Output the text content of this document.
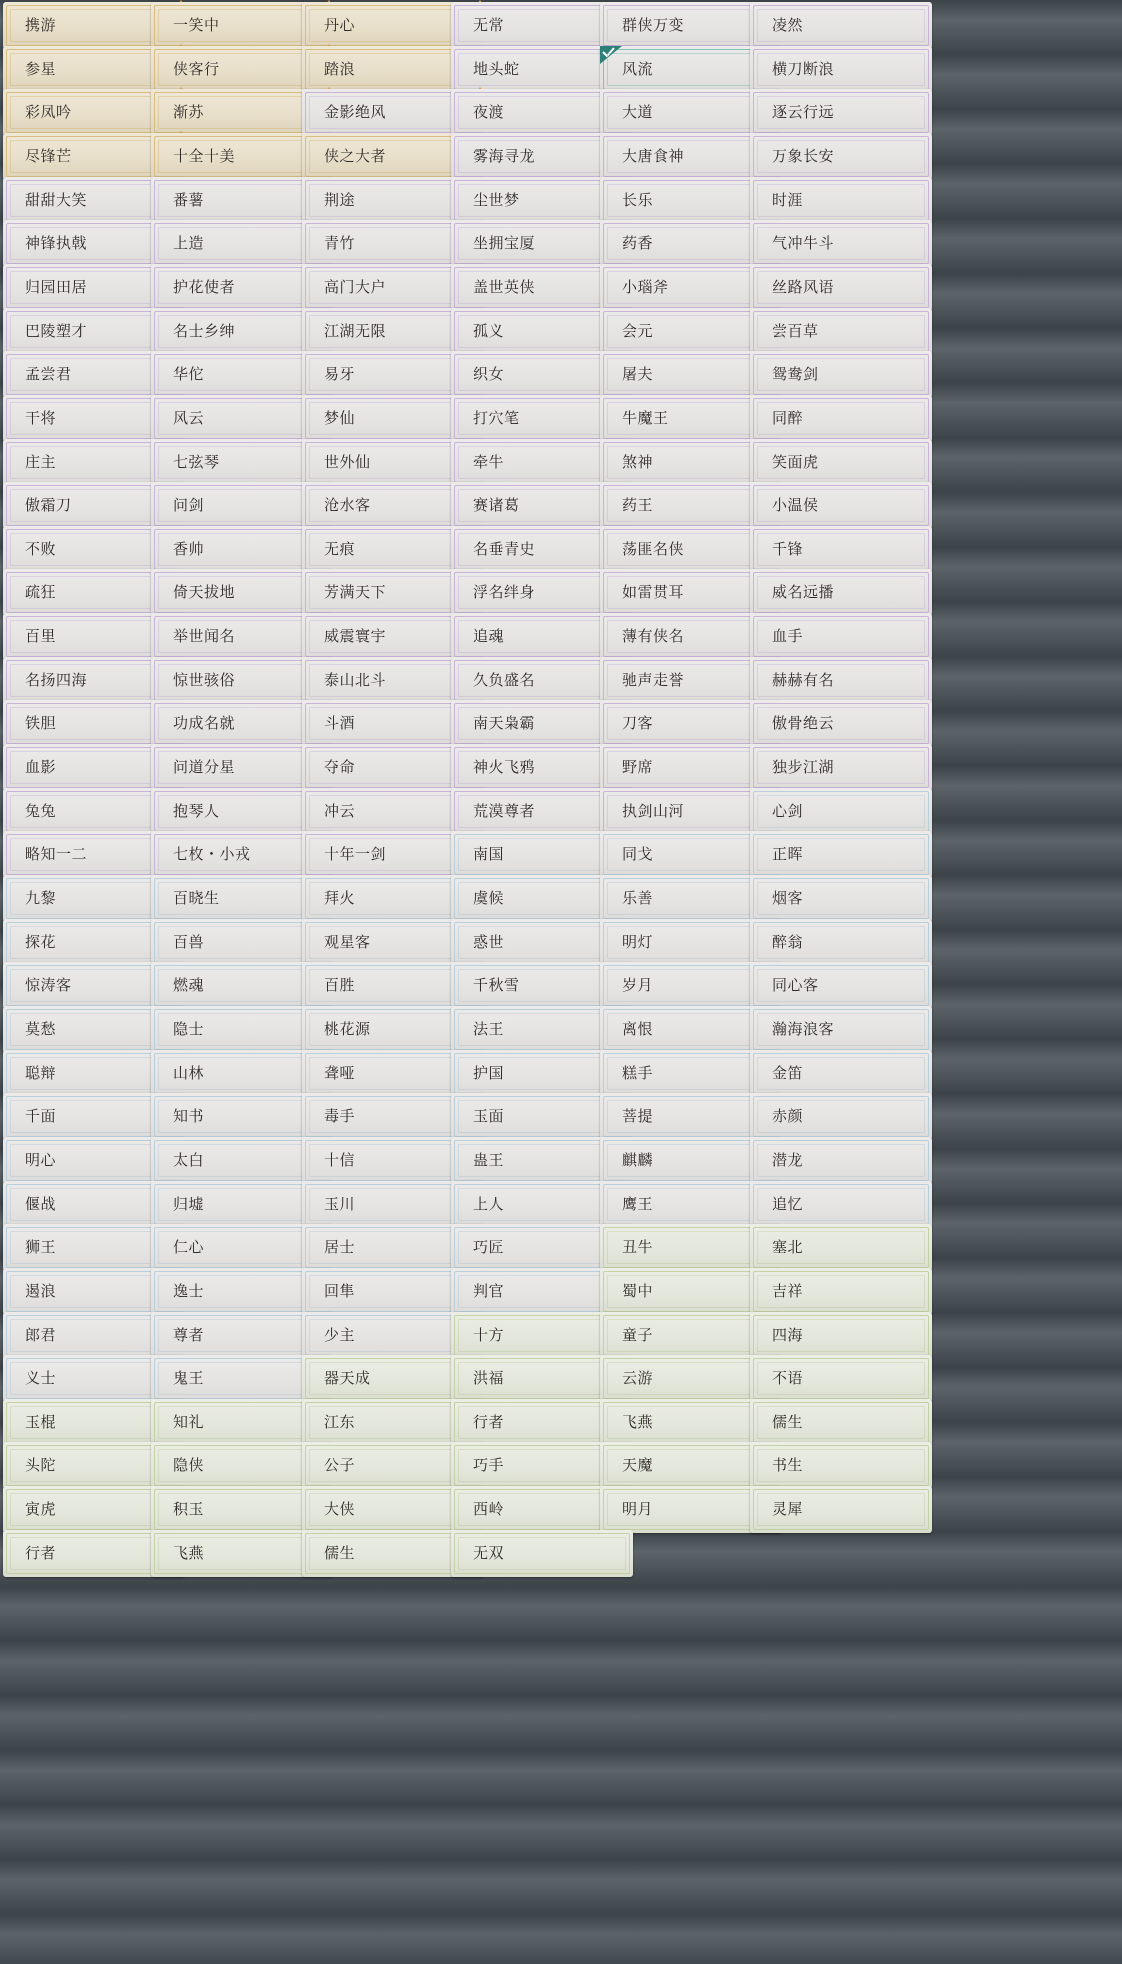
携游	一笑中	丹心	无常	群侠万变	凌然
参星	侠客行	踏浪	地头蛇	风流	横刀断浪
彩凤吟	渐苏	金影绝风	夜渡	大道	逐云行远
尽锋芒	十全十美	侠之大者	雾海寻龙	大唐食神	万象长安
甜甜大笑	番薯	荆途	尘世梦	长乐	时涯
神锋执戟	上造	青竹	坐拥宝厦	药香	气冲牛斗
归园田居	护花使者	高门大户	盖世英侠	小瑙斧	丝路风语
巴陵塑才	名士乡绅	江湖无限	孤义	会元	尝百草
孟尝君	华佗	易牙	织女	屠夫	鸳鸯剑
干将	风云	梦仙	打穴笔	牛魔王	同醉
庄主	七弦琴	世外仙	牵牛	煞神	笑面虎
傲霜刀	问剑	沧水客	赛诸葛	药王	小温侯
不败	香帅	无痕	名垂青史	荡匪名侠	千锋
疏狂	倚天拔地	芳满天下	浮名绊身	如雷贯耳	威名远播
百里	举世闻名	威震寰宇	追魂	薄有侠名	血手
名扬四海	惊世骇俗	泰山北斗	久负盛名	驰声走誉	赫赫有名
铁胆	功成名就	斗酒	南天枭霸	刀客	傲骨绝云
血影	问道分星	夺命	神火飞鸦	野席	独步江湖
兔兔	抱琴人	冲云	荒漠尊者	执剑山河	心剑
略知一二	七枚・小戎	十年一剑	南国	同戈	正晖
九黎	百晓生	拜火	虞候	乐善	烟客
探花	百兽	观星客	惑世	明灯	醉翁
惊涛客	燃魂	百胜	千秋雪	岁月	同心客
莫愁	隐士	桃花源	法王	离恨	瀚海浪客
聪辩	山林	聋哑	护国	糕手	金笛
千面	知书	毒手	玉面	菩提	赤颜
明心	太白	十信	蛊王	麒麟	潜龙
偃战	归墟	玉川	上人	鹰王	追忆
狮王	仁心	居士	巧匠	丑牛	塞北
遏浪	逸士	回隼	判官	蜀中	吉祥
郎君	尊者	少主	十方	童子	四海
义士	鬼王	器天成	洪福	云游	不语
玉棍	知礼	江东	行者	飞燕	儒生
头陀	隐侠	公子	巧手	天魔	书生
寅虎	积玉	大侠	西岭	明月	灵犀
行者	飞燕	儒生	无双
